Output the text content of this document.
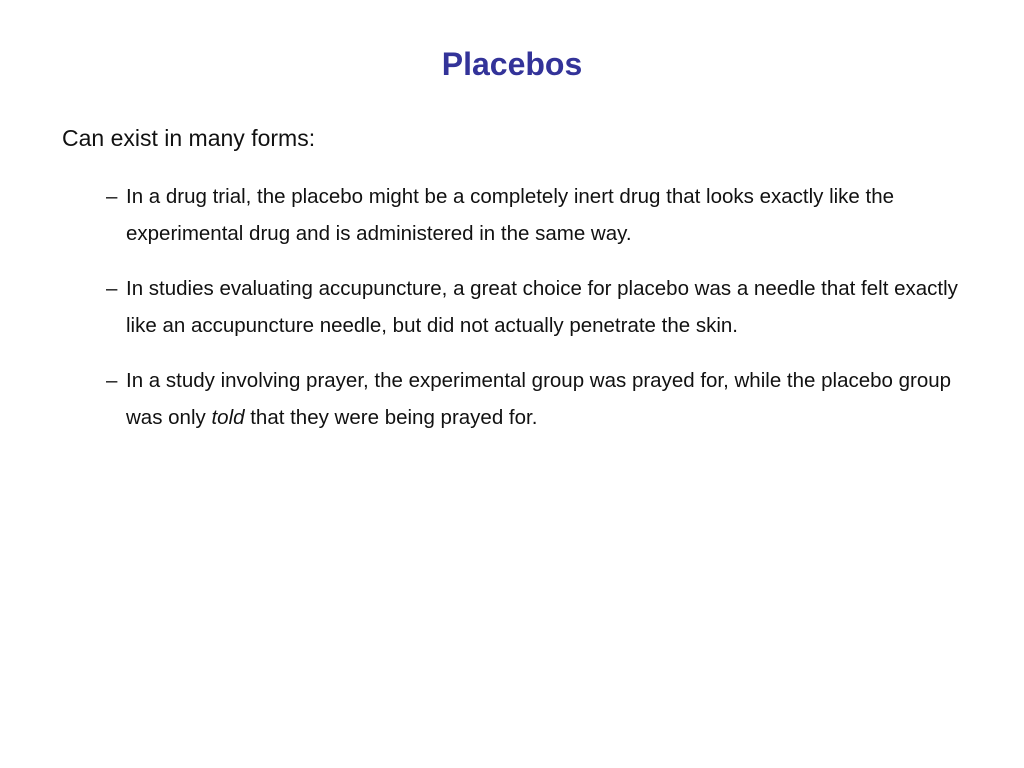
Placebos
Can exist in many forms:
– In a drug trial, the placebo might be a completely inert drug that looks exactly like the experimental drug and is administered in the same way.
– In studies evaluating accupuncture, a great choice for placebo was a needle that felt exactly like an accupuncture needle, but did not actually penetrate the skin.
– In a study involving prayer, the experimental group was prayed for, while the placebo group was only told that they were being prayed for.
